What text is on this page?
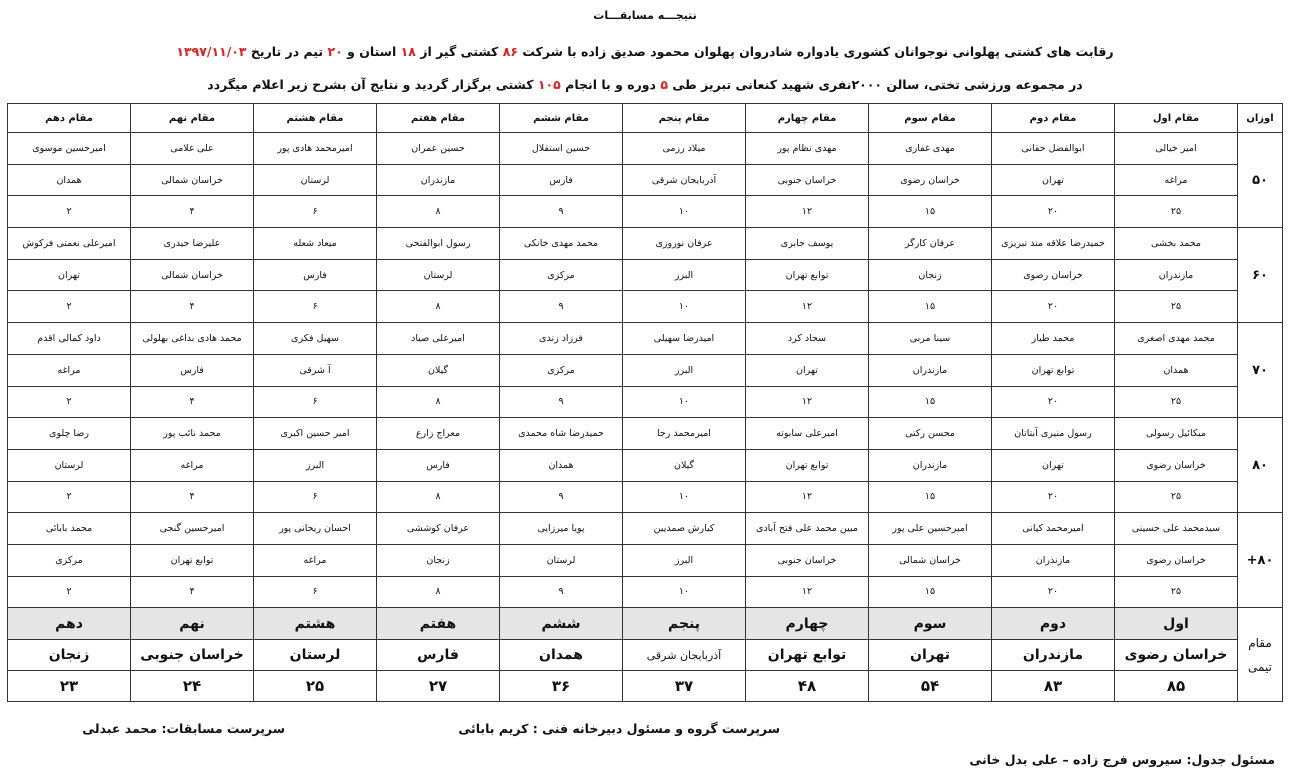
نتیجـــه مسابقـــات
رقابت های کشتی پهلوانی نوجوانان کشوری یادواره شادروان پهلوان محمود صدیق زاده با شرکت ۸۶ کشتی گیر از ۱۸ استان و ۲۰ تیم در تاریخ ۱۳۹۷/۱۱/۰۳
در مجموعه ورزشی تختی، سالن ۲۰۰۰نفری شهید کنعانی تبریز طی ۵ دوره و با انجام ۱۰۵ کشتی برگزار گردید و نتایج آن بشرح زیر اعلام میگردد
اوزان	مقام اول	مقام دوم	مقام سوم	مقام چهارم	مقام پنجم	مقام ششم	مقام هفتم	مقام هشتم	مقام نهم	مقام دهم
۵۰	امیر خیالی	ابوالفضل حقانی	مهدی غفاری	مهدی نظام پور	میلاد رزمی	حسین استقلال	حسین عمران	امیرمحمد هادی پور	علی غلامی	امیرحسین موسوی
	مراغه	تهران	خراسان رضوی	خراسان جنوبی	آذربایجان شرقی	فارس	مازندران	لرستان	خراسان شمالی	همدان
	۲۵	۲۰	۱۵	۱۲	۱۰	۹	۸	۶	۴	۲
۶۰	محمد بخشی	حمیدرضا علاقه مند تبریزی	عرفان کارگر	یوسف جابری	عرفان نوروزی	محمد مهدی خانکی	رسول ابوالفتحی	میعاد شعله	علیرضا حیدری	امیرعلی نعمتی فرکوش
	مازندران	خراسان رضوی	زنجان	توابع تهران	البرز	مرکزی	لرستان	فارس	خراسان شمالی	تهران
	۲۵	۲۰	۱۵	۱۲	۱۰	۹	۸	۶	۴	۲
۷۰	محمد مهدی اصغری	محمد طیار	سینا مربی	سجاد کرد	امیدرضا سهیلی	فرزاد زندی	امیرعلی صیاد	سهیل فکری	محمد هادی بداغی بهلولی	داود کمالی اقدم
	همدان	توابع تهران	مازندران	تهران	البرز	مرکزی	گیلان	آ شرقی	فارس	مراغه
	۲۵	۲۰	۱۵	۱۲	۱۰	۹	۸	۶	۴	۲
۸۰	میکائیل رسولی	رسول منیری آبتاتان	محسن رکنی	امیرعلی سابوته	امیرمحمد رجا	حمیدرضا شاه محمدی	معراج زارع	امیر حسین اکبری	محمد نائب پور	رضا چلوی
	خراسان رضوی	تهران	مازندران	توابع تهران	گیلان	همدان	فارس	البرز	مراغه	لرستان
	۲۵	۲۰	۱۵	۱۲	۱۰	۹	۸	۶	۴	۲
۸۰+	سیدمحمد علی حسینی	امیرمحمد کیانی	امیرحسین علی پور	مبین محمد علی فتح آبادی	کیارش صمدیین	پویا میرزایی	عرفان کوششی	احسان ریحانی پور	امیرحسین گنجی	محمد بابائی
	خراسان رضوی	مازندران	خراسان شمالی	خراسان جنوبی	البرز	لرستان	زنجان	مراغه	توابع تهران	مرکزی
	۲۵	۲۰	۱۵	۱۲	۱۰	۹	۸	۶	۴	۲
مقام تیمی	اول	دوم	سوم	چهارم	پنجم	ششم	هفتم	هشتم	نهم	دهم
	خراسان رضوی	مازندران	تهران	توابع تهران	آذربایجان شرقی	همدان	فارس	لرستان	خراسان جنوبی	زنجان
	۸۵	۸۳	۵۴	۴۸	۳۷	۳۶	۲۷	۲۵	۲۴	۲۳
سرپرست گروه و مسئول دبیرخانه فنی : کریم بابائی
سرپرست مسابقات: محمد عبدلی
مسئول جدول: سیروس فرج زاده – علی بدل خانی
